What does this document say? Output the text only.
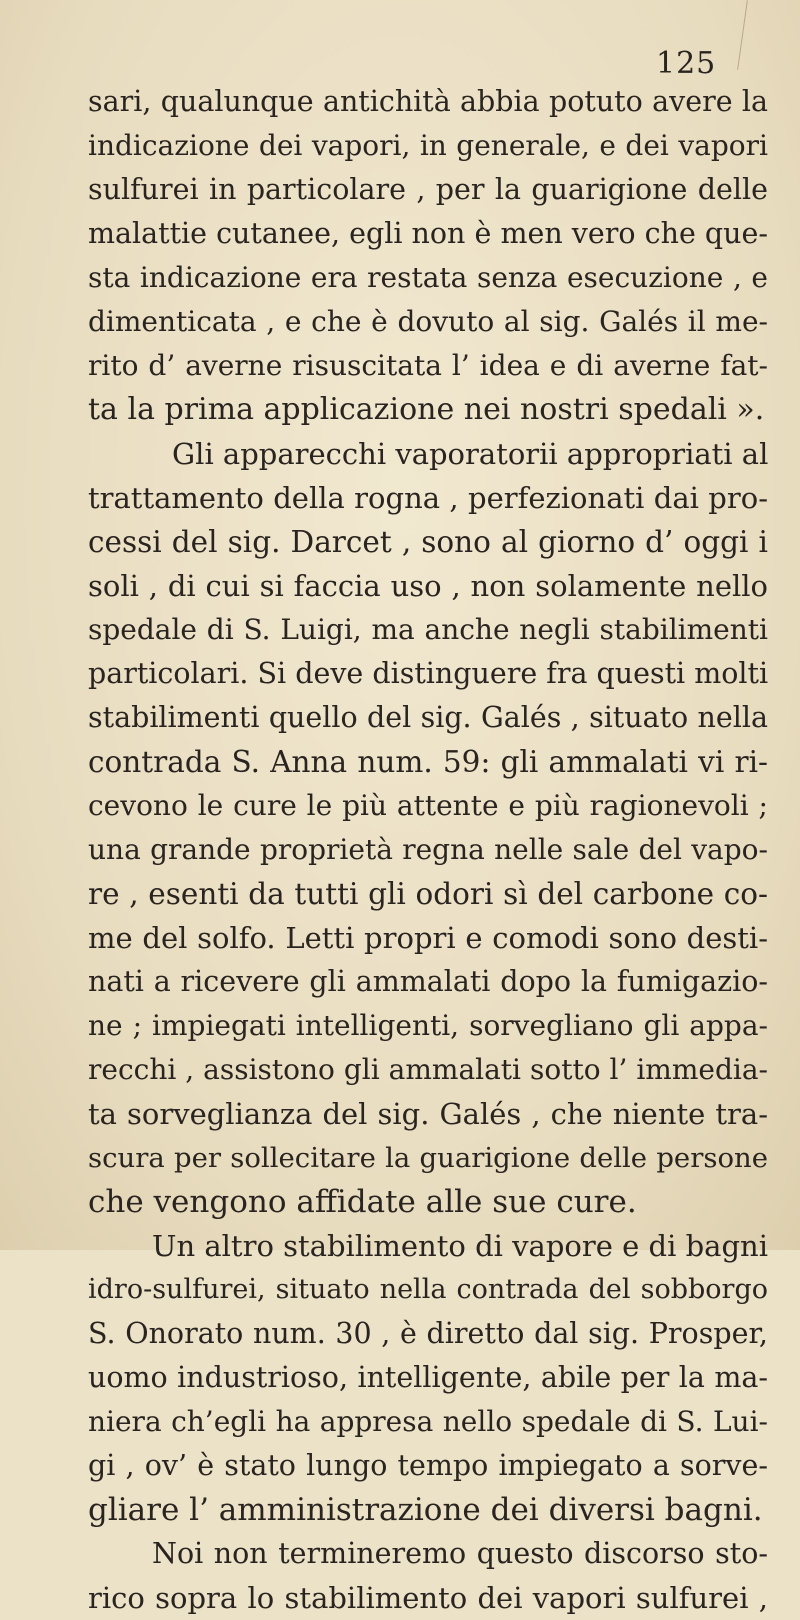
125
sari, qualunque antichità abbia potuto avere la
indicazione dei vapori, in generale, e dei vapori
sulfurei in particolare , per la guarigione delle
malattie cutanee, egli non è men vero che que-
sta indicazione era restata senza esecuzione , e
dimenticata , e che è dovuto al sig. Galés il me-
rito d’ averne risuscitata l’ idea e di averne fat-
ta la prima applicazione nei nostri spedali ».
Gli apparecchi vaporatorii appropriati al
trattamento della rogna , perfezionati dai pro-
cessi del sig. Darcet , sono al giorno d’ oggi i
soli , di cui si faccia uso , non solamente nello
spedale di S. Luigi, ma anche negli stabilimenti
particolari. Si deve distinguere fra questi molti
stabilimenti quello del sig. Galés , situato nella
contrada S. Anna num. 59: gli ammalati vi ri-
cevono le cure le più attente e più ragionevoli ;
una grande proprietà regna nelle sale del vapo-
re , esenti da tutti gli odori sì del carbone co-
me del solfo. Letti propri e comodi sono desti-
nati a ricevere gli ammalati dopo la fumigazio-
ne ; impiegati intelligenti, sorvegliano gli appa-
recchi , assistono gli ammalati sotto l’ immedia-
ta sorveglianza del sig. Galés , che niente tra-
scura per sollecitare la guarigione delle persone
che vengono affidate alle sue cure.
Un altro stabilimento di vapore e di bagni
idro-sulfurei, situato nella contrada del sobborgo
S. Onorato num. 30 , è diretto dal sig. Prosper,
uomo industrioso, intelligente, abile per la ma-
niera ch’egli ha appresa nello spedale di S. Lui-
gi , ov’ è stato lungo tempo impiegato a sorve-
gliare l’ amministrazione dei diversi bagni.
Noi non termineremo questo discorso sto-
rico sopra lo stabilimento dei vapori sulfurei ,
